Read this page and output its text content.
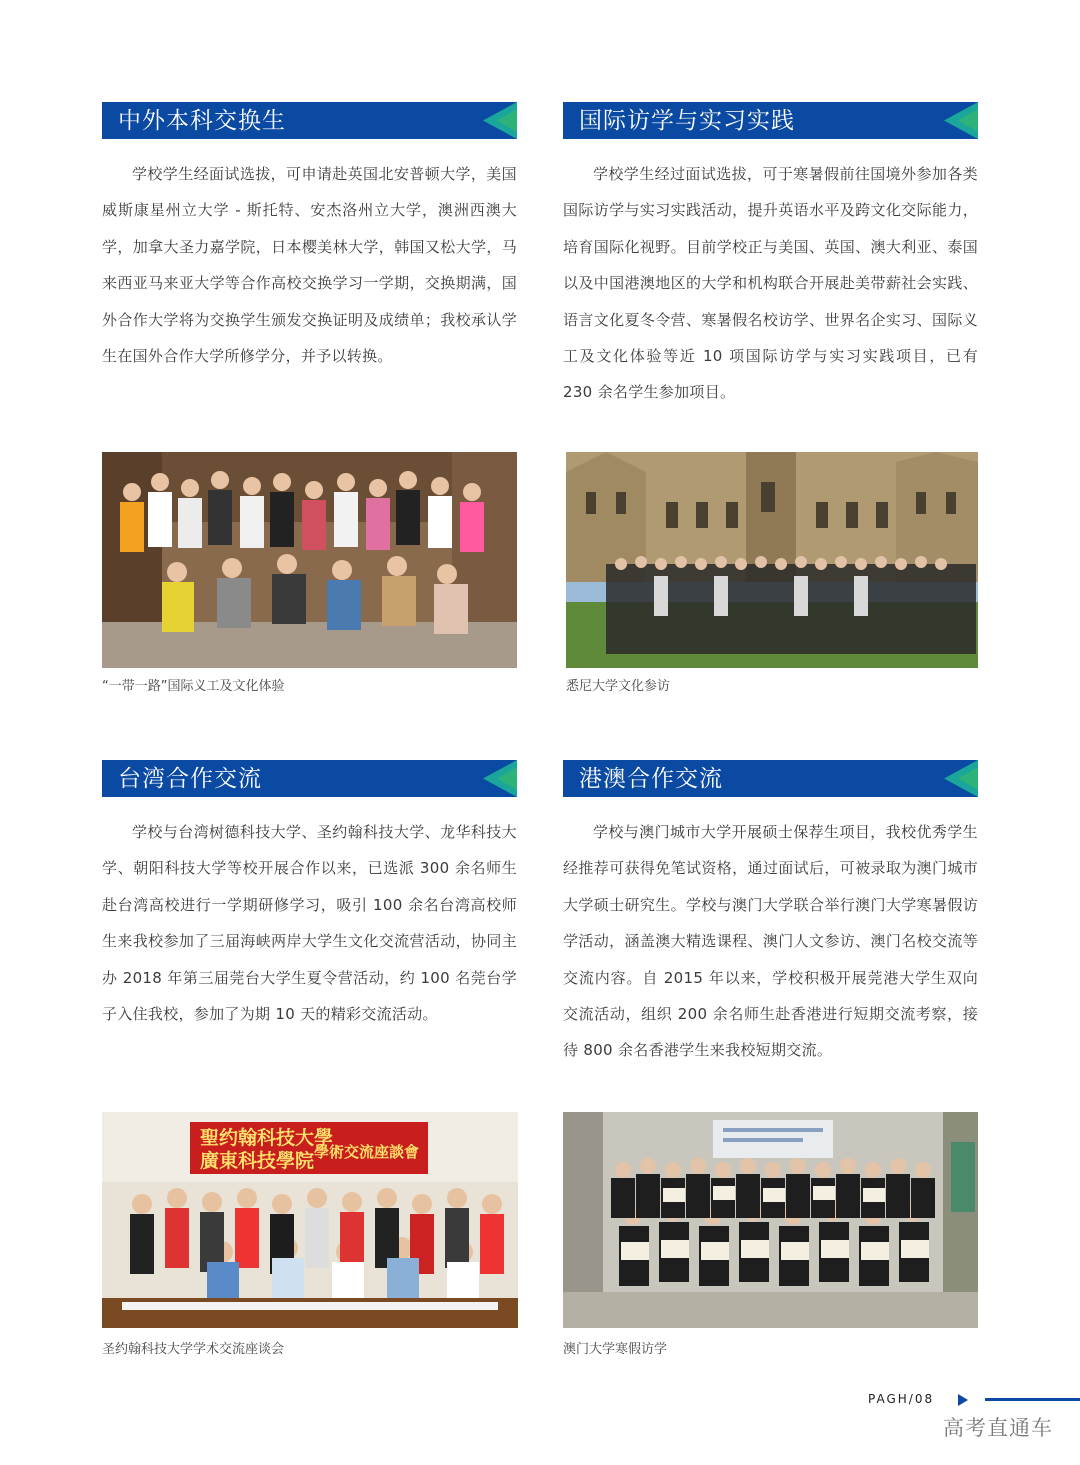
中外本科交换生
学校学生经面试选拔，可申请赴英国北安普顿大学，美国威斯康星州立大学 - 斯托特、安杰洛州立大学，澳洲西澳大学，加拿大圣力嘉学院，日本樱美林大学，韩国又松大学，马来西亚马来亚大学等合作高校交换学习一学期，交换期满，国外合作大学将为交换学生颁发交换证明及成绩单；我校承认学生在国外合作大学所修学分，并予以转换。
国际访学与实习实践
学校学生经过面试选拔，可于寒暑假前往国境外参加各类国际访学与实习实践活动，提升英语水平及跨文化交际能力，培育国际化视野。目前学校正与美国、英国、澳大利亚、泰国以及中国港澳地区的大学和机构联合开展赴美带薪社会实践、语言文化夏冬令营、寒暑假名校访学、世界名企实习、国际义工及文化体验等近 10 项国际访学与实习实践项目，已有 230 余名学生参加项目。
“一带一路”国际义工及文化体验	悉尼大学文化参访
台湾合作交流
学校与台湾树德科技大学、圣约翰科技大学、龙华科技大学、朝阳科技大学等校开展合作以来，已选派 300 余名师生赴台湾高校进行一学期研修学习，吸引 100 余名台湾高校师生来我校参加了三届海峡两岸大学生文化交流营活动，协同主办 2018 年第三届莞台大学生夏令营活动，约 100 名莞台学子入住我校，参加了为期 10 天的精彩交流活动。
港澳合作交流
学校与澳门城市大学开展硕士保荐生项目，我校优秀学生经推荐可获得免笔试资格，通过面试后，可被录取为澳门城市大学硕士研究生。学校与澳门大学联合举行澳门大学寒暑假访学活动，涵盖澳大精选课程、澳门人文参访、澳门名校交流等交流内容。自 2015 年以来，学校积极开展莞港大学生双向交流活动，组织 200 余名师生赴香港进行短期交流考察，接待 800 余名香港学生来我校短期交流。
聖约翰科技大學
廣東科技學院 學術交流座談會
圣约翰科技大学学术交流座谈会	澳门大学寒假访学
PAGH/08
高考直通车
